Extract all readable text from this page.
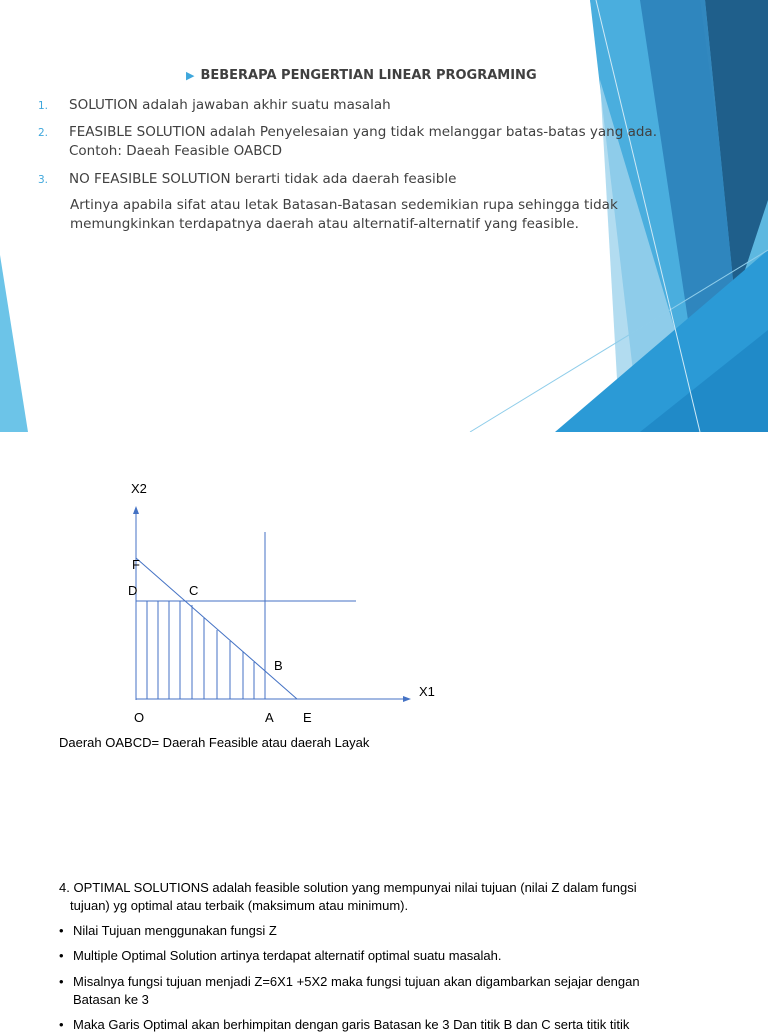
▶ BEBERAPA PENGERTIAN LINEAR PROGRAMING
1. SOLUTION adalah jawaban akhir suatu masalah
2. FEASIBLE SOLUTION adalah Penyelesaian yang tidak melanggar batas-batas yang ada.
Contoh: Daeah Feasible OABCD
3. NO FEASIBLE SOLUTION berarti tidak ada daerah feasible
Artinya apabila sifat atau letak Batasan-Batasan sedemikian rupa sehingga tidak
memungkinkan terdapatnya daerah atau alternatif-alternatif yang feasible.
X2
X1
F
D	C
B
O	A E
Daerah OABCD= Daerah Feasible atau daerah Layak
4. OPTIMAL SOLUTIONS adalah feasible solution yang mempunyai nilai tujuan (nilai Z dalam fungsi
tujuan) yg optimal atau terbaik (maksimum atau minimum).
• Nilai Tujuan menggunakan fungsi Z
• Multiple Optimal Solution artinya terdapat alternatif optimal suatu masalah.
• Misalnya fungsi tujuan menjadi Z=6X1 +5X2 maka fungsi tujuan akan digambarkan sejajar dengan
Batasan ke 3
• Maka Garis Optimal akan berhimpitan dengan garis Batasan ke 3 Dan titik B dan C serta titik titik
